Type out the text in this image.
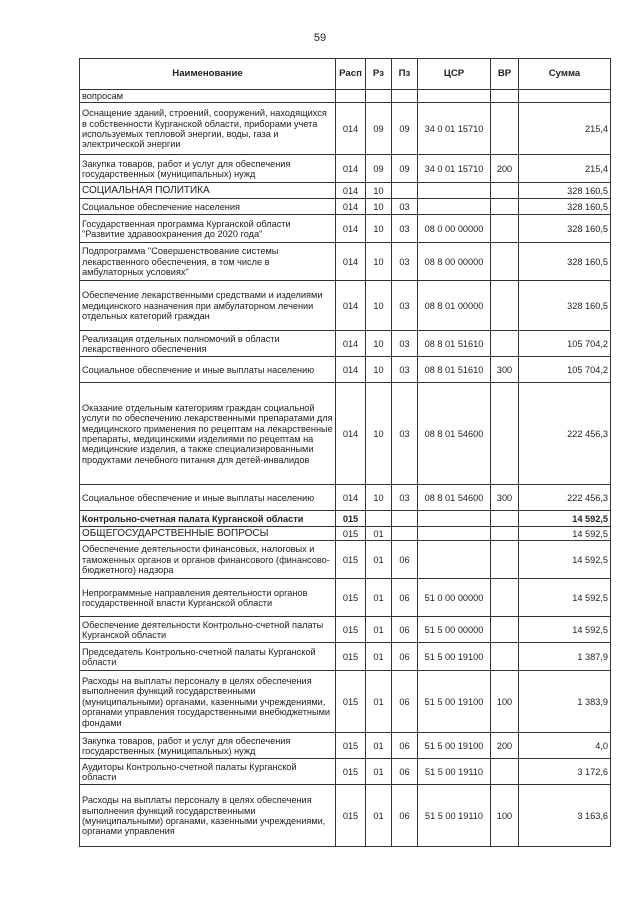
59
Наименование	Расп	Рз	Пз	ЦСР	ВР	Сумма
вопросам						
Оснащение зданий, строений, сооружений, находящихся в собственности Курганской области, приборами учета используемых тепловой энергии, воды, газа и электрической энергии	014	09	09	34 0 01 15710		215,4
Закупка товаров, работ и услуг для обеспечения государственных (муниципальных) нужд	014	09	09	34 0 01 15710	200	215,4
СОЦИАЛЬНАЯ ПОЛИТИКА	014	10				328 160,5
Социальное обеспечение населения	014	10	03			328 160,5
Государственная программа Курганской области "Развитие здравоохранения до 2020 года"	014	10	03	08 0 00 00000		328 160,5
Подпрограмма "Совершенствование системы лекарственного обеспечения, в том числе в амбулаторных условиях"	014	10	03	08 8 00 00000		328 160,5
Обеспечение лекарственными средствами и изделиями медицинского назначения при амбулаторном лечении отдельных категорий граждан	014	10	03	08 8 01 00000		328 160,5
Реализация отдельных полномочий в области лекарственного обеспечения	014	10	03	08 8 01 51610		105 704,2
Социальное обеспечение и иные выплаты населению	014	10	03	08 8 01 51610	300	105 704,2
Оказание отдельным категориям граждан социальной услуги по обеспечению лекарственными препаратами для медицинского применения по рецептам на лекарственные препараты, медицинскими изделиями по рецептам на медицинские изделия, а также специализированными продуктами лечебного питания для детей-инвалидов	014	10	03	08 8 01 54600		222 456,3
Социальное обеспечение и иные выплаты населению	014	10	03	08 8 01 54600	300	222 456,3
Контрольно-счетная палата Курганской области	015					14 592,5
ОБЩЕГОСУДАРСТВЕННЫЕ ВОПРОСЫ	015	01				14 592,5
Обеспечение деятельности финансовых, налоговых и таможенных органов и органов финансового (финансово-бюджетного) надзора	015	01	06			14 592,5
Непрограммные направления деятельности органов государственной власти Курганской области	015	01	06	51 0 00 00000		14 592,5
Обеспечение деятельности Контрольно-счетной палаты Курганской области	015	01	06	51 5 00 00000		14 592,5
Председатель Контрольно-счетной палаты Курганской области	015	01	06	51 5 00 19100		1 387,9
Расходы на выплаты персоналу в целях обеспечения выполнения функций государственными (муниципальными) органами, казенными учреждениями, органами управления государственными внебюджетными фондами	015	01	06	51 5 00 19100	100	1 383,9
Закупка товаров, работ и услуг для обеспечения государственных (муниципальных) нужд	015	01	06	51 5 00 19100	200	4,0
Аудиторы Контрольно-счетной палаты Курганской области	015	01	06	51 5 00 19110		3 172,6
Расходы на выплаты персоналу в целях обеспечения выполнения функций государственными (муниципальными) органами, казенными учреждениями, органами управления	015	01	06	51 5 00 19110	100	3 163,6
